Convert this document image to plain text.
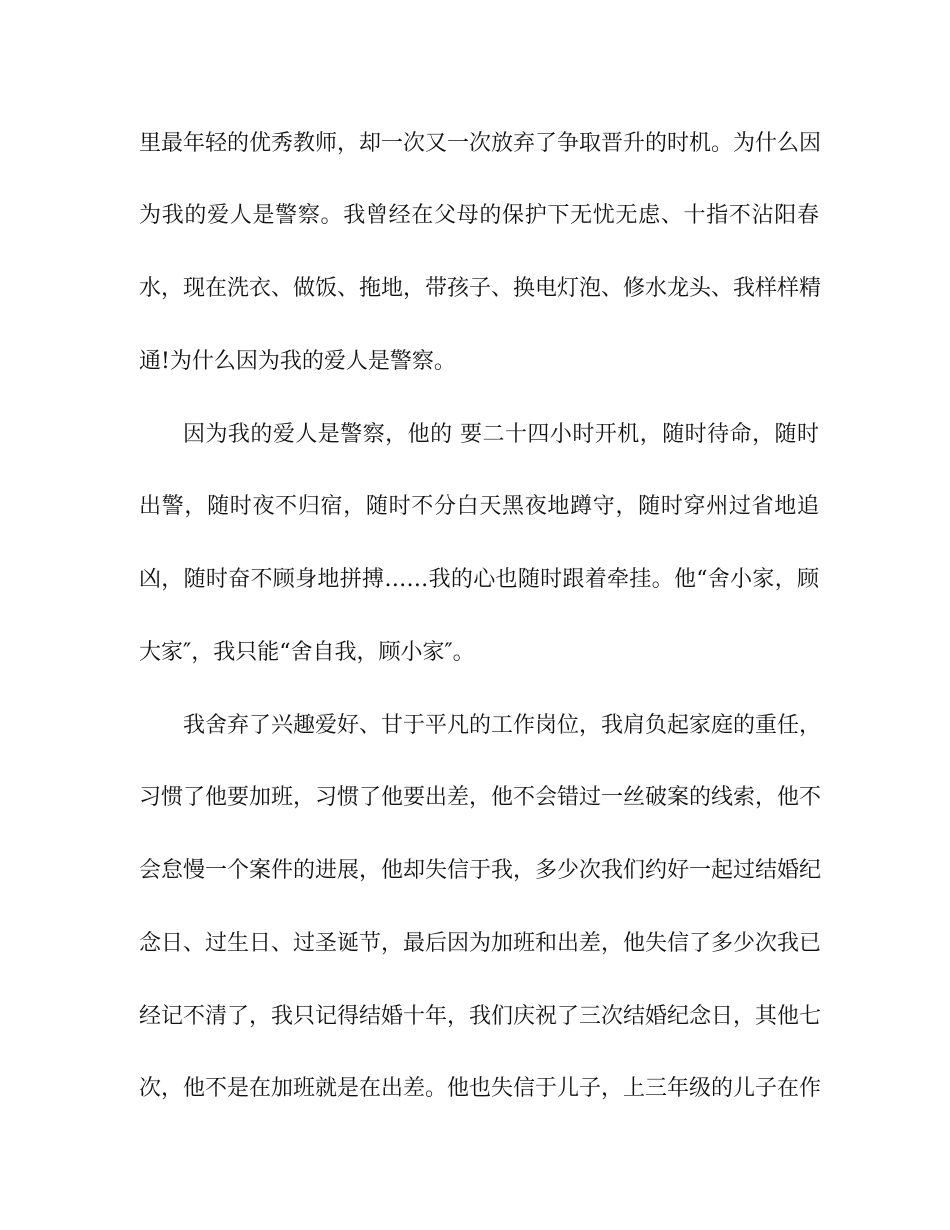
里最年轻的优秀教师，却一次又一次放弃了争取晋升的时机。为什么因
为我的爱人是警察。我曾经在父母的保护下无忧无虑、十指不沾阳春
水，现在洗衣、做饭、拖地，带孩子、换电灯泡、修水龙头、我样样精
通!为什么因为我的爱人是警察。
因为我的爱人是警察，他的 要二十四小时开机，随时待命，随时
出警，随时夜不归宿，随时不分白天黑夜地蹲守，随时穿州过省地追
凶，随时奋不顾身地拼搏……我的心也随时跟着牵挂。他“舍小家，顾
大家″，我只能“舍自我，顾小家″。
我舍弃了兴趣爱好、甘于平凡的工作岗位，我肩负起家庭的重任，
习惯了他要加班，习惯了他要出差，他不会错过一丝破案的线索，他不
会怠慢一个案件的进展，他却失信于我，多少次我们约好一起过结婚纪
念日、过生日、过圣诞节，最后因为加班和出差，他失信了多少次我已
经记不清了，我只记得结婚十年，我们庆祝了三次结婚纪念日，其他七
次，他不是在加班就是在出差。他也失信于儿子，上三年级的儿子在作
